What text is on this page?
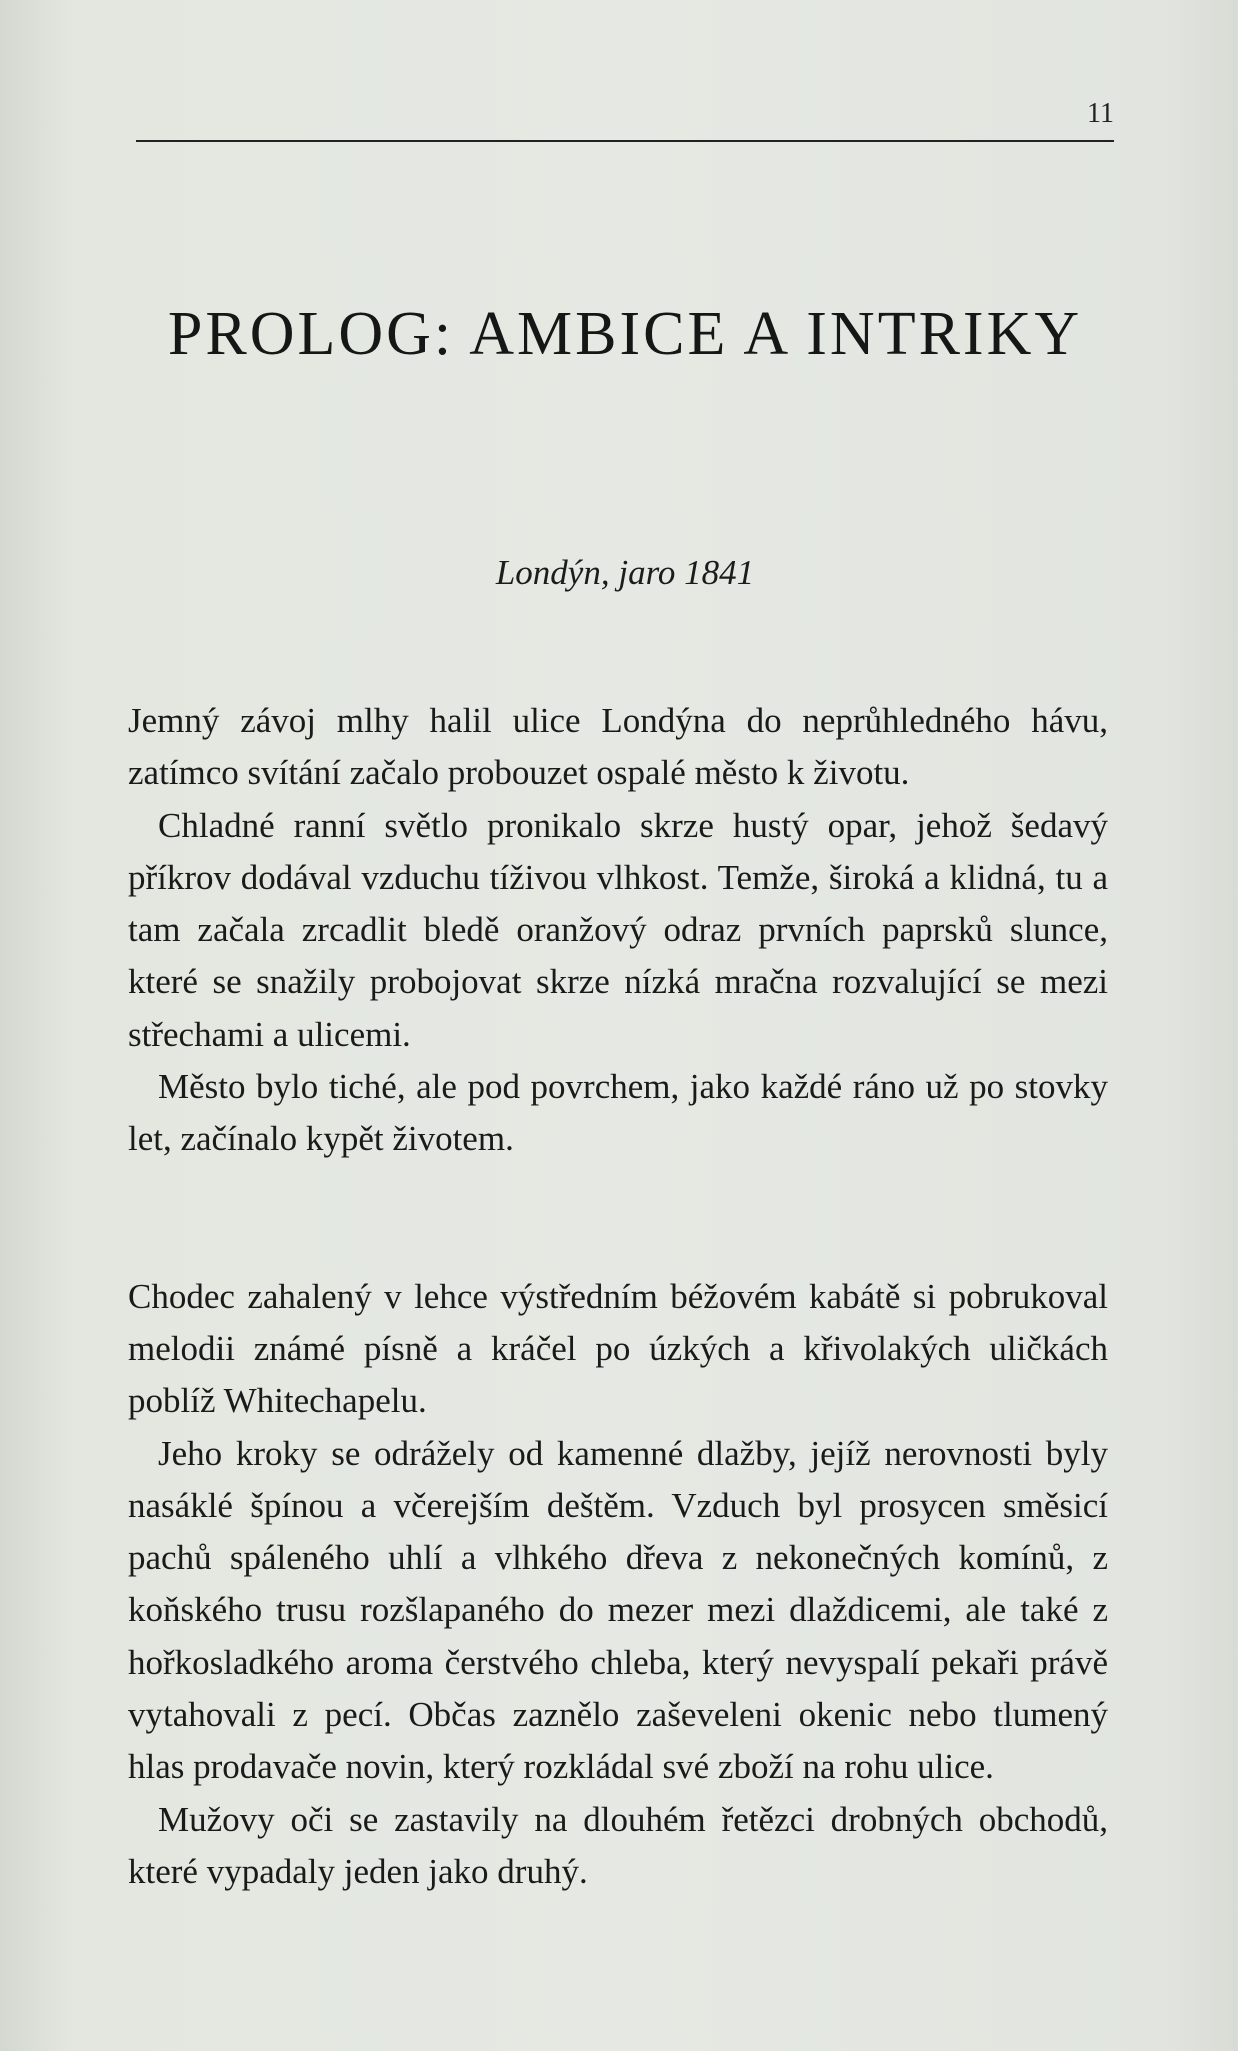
11
PROLOG: AMBICE A INTRIKY
Londýn, jaro 1841

Jemný závoj mlhy halil ulice Londýna do neprůhledného hávu, zatímco svítání začalo probouzet ospalé město k životu.

Chladné ranní světlo pronikalo skrze hustý opar, jehož šedavý příkrov dodával vzduchu tíživou vlhkost. Temže, široká a klidná, tu a tam začala zrcadlit bledě oranžový odraz prvních paprsků slunce, které se snažily probojovat skrze nízká mračna rozvalující se mezi střechami a ulicemi.

Město bylo tiché, ale pod povrchem, jako každé ráno už po stovky let, začínalo kypět životem.

Chodec zahalený v lehce výstředním béžovém kabátě si pobrukoval melodii známé písně a kráčel po úzkých a křivolakých uličkách poblíž Whitechapelu.

Jeho kroky se odrážely od kamenné dlažby, jejíž nerovnosti byly nasáklé špínou a včerejším deštěm. Vzduch byl prosycen směsicí pachů spáleného uhlí a vlhkého dřeva z nekonečných komínů, z koňského trusu rozšlapaného do mezer mezi dlaždicemi, ale také z hořkosladkého aroma čerstvého chleba, který nevyspalí pekaři právě vytahovali z pecí. Občas zaznělo zaševeleni okenic nebo tlumený hlas prodavače novin, který rozkládal své zboží na rohu ulice.

Mužovy oči se zastavily na dlouhém řetězci drobných obchodů, které vypadaly jeden jako druhý.
